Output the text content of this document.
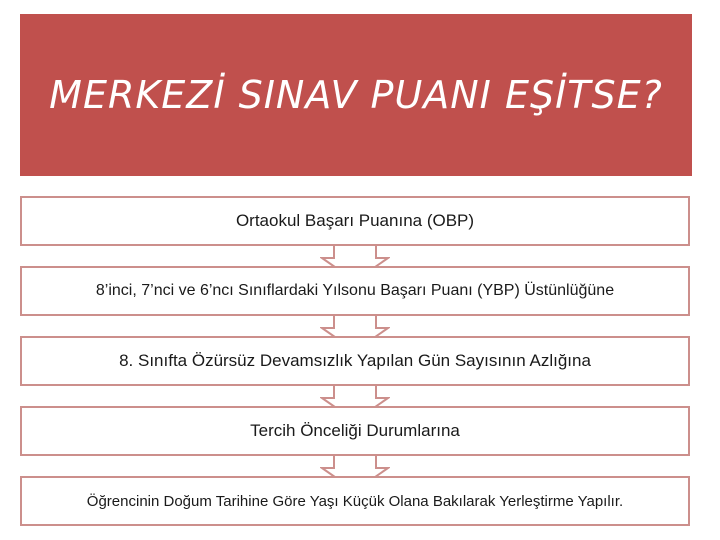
MERKEZİ SINAV PUANI EŞİTSE?
Ortaokul Başarı Puanına (OBP)
8’inci, 7’nci ve 6’ncı Sınıflardaki Yılsonu Başarı Puanı (YBP) Üstünlüğüne
8. Sınıfta Özürsüz Devamsızlık Yapılan Gün Sayısının Azlığına
Tercih Önceliği Durumlarına
Öğrencinin Doğum Tarihine Göre Yaşı Küçük Olana Bakılarak Yerleştirme Yapılır.
